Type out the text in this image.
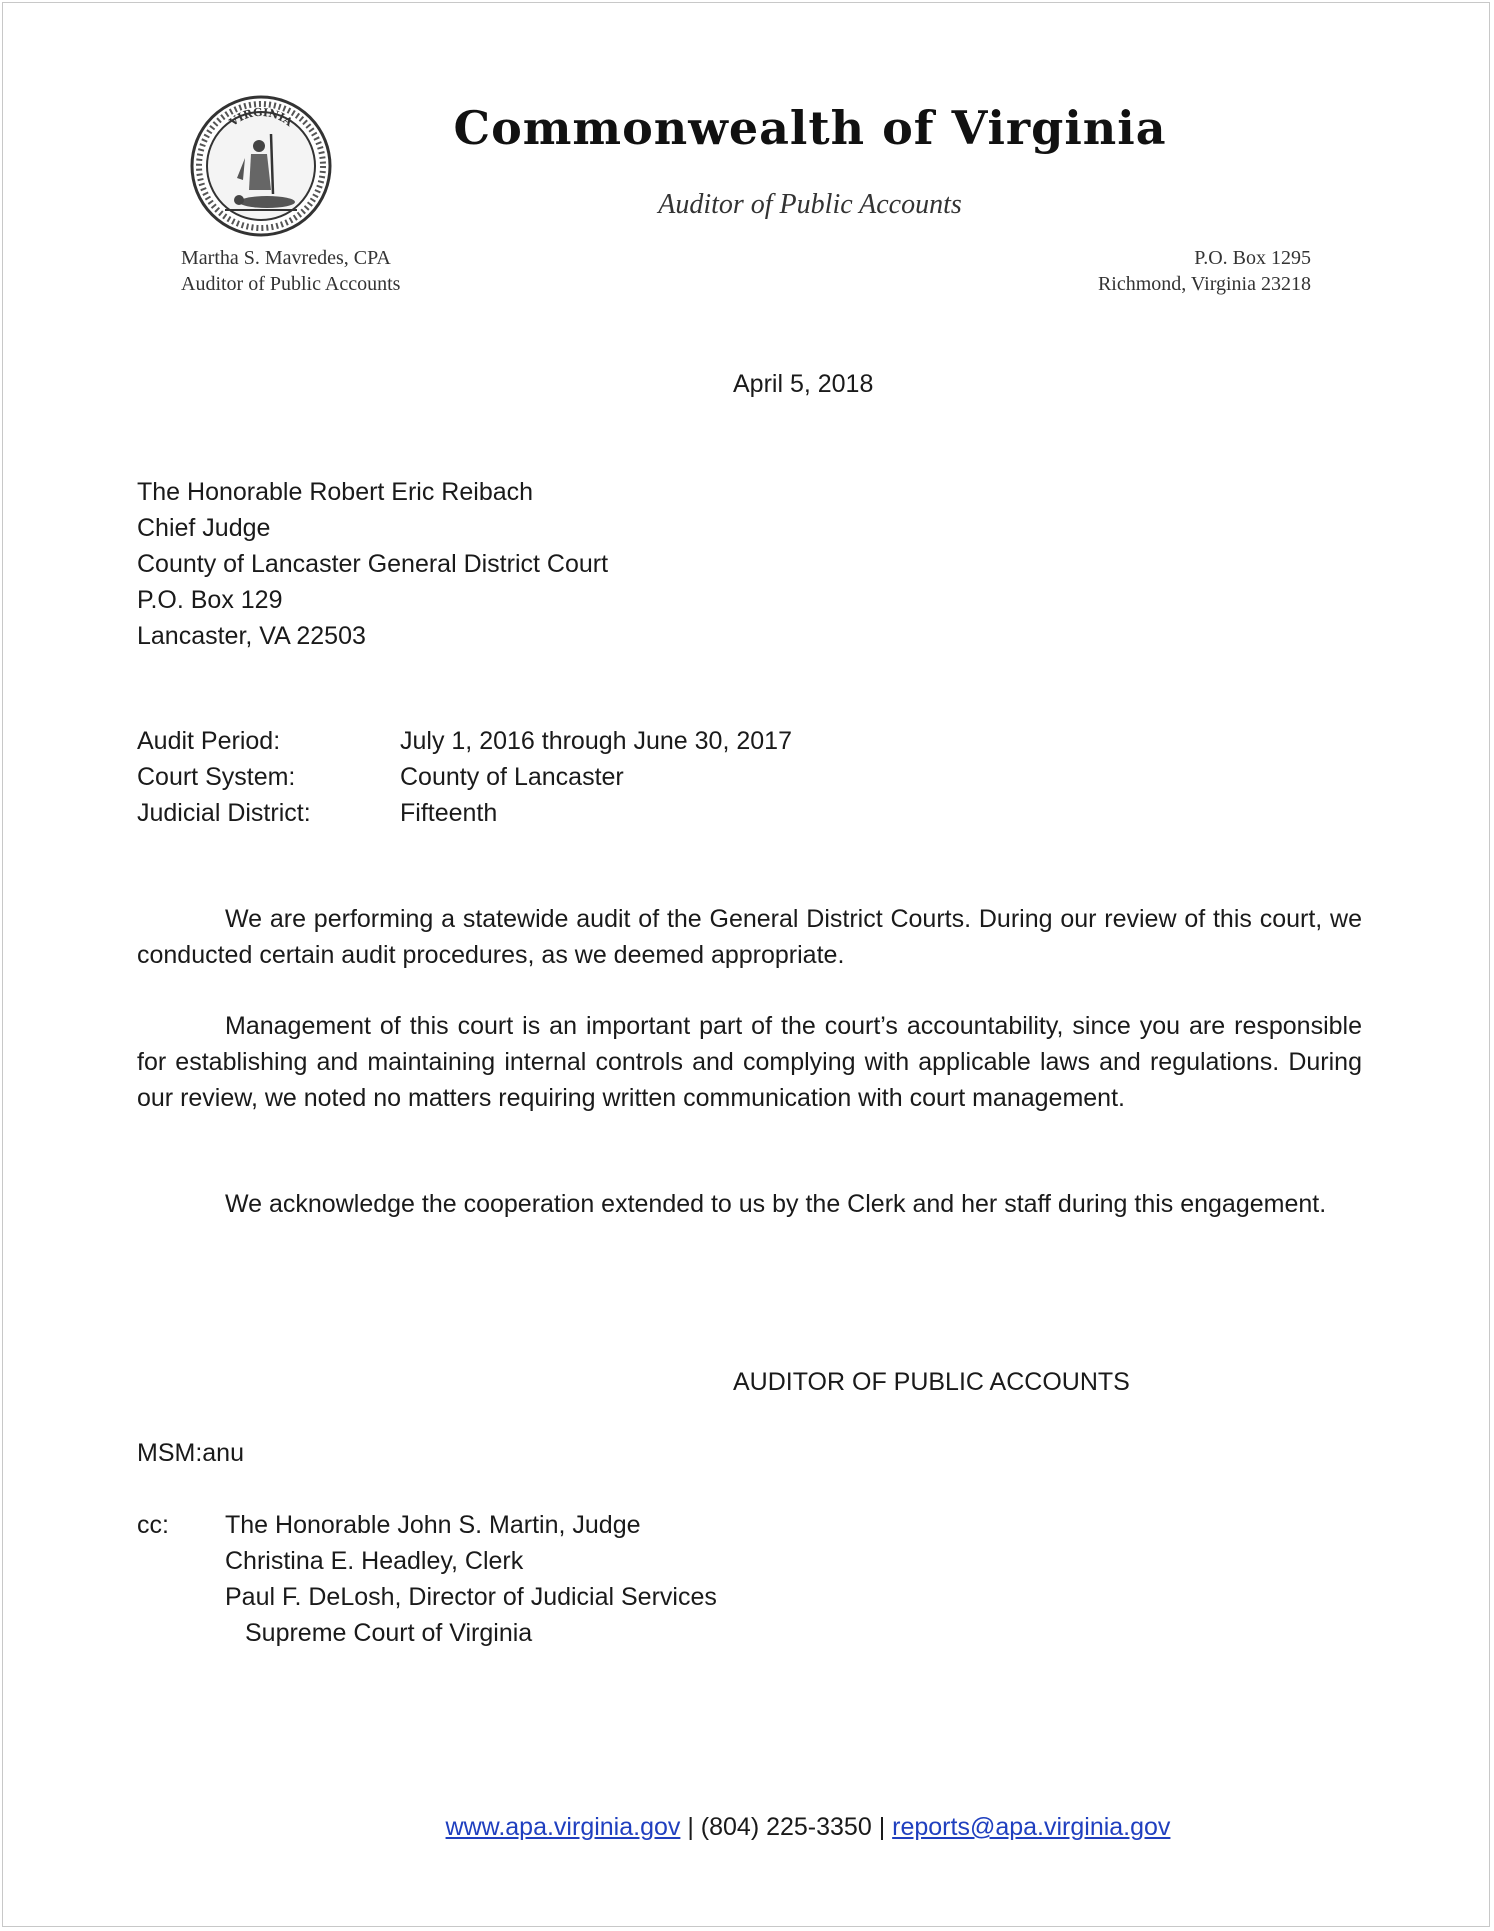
VIRGINIA	Commonwealth of Virginia
Auditor of Public Accounts
Martha S. Mavredes, CPA
Auditor of Public Accounts
P.O. Box 1295
Richmond, Virginia 23218
April 5, 2018
The Honorable Robert Eric Reibach
Chief Judge
County of Lancaster General District Court
P.O. Box 129
Lancaster, VA 22503
Audit Period:	July 1, 2016 through June 30, 2017
Court System:	County of Lancaster
Judicial District:	Fifteenth
We are performing a statewide audit of the General District Courts. During our review of this court, we conducted certain audit procedures, as we deemed appropriate.
Management of this court is an important part of the court’s accountability, since you are responsible for establishing and maintaining internal controls and complying with applicable laws and regulations. During our review, we noted no matters requiring written communication with court management.
We acknowledge the cooperation extended to us by the Clerk and her staff during this engagement.
AUDITOR OF PUBLIC ACCOUNTS
MSM:anu
cc: The Honorable John S. Martin, Judge
Christina E. Headley, Clerk
Paul F. DeLosh, Director of Judicial Services
Supreme Court of Virginia
www.apa.virginia.gov | (804) 225-3350 | reports@apa.virginia.gov
